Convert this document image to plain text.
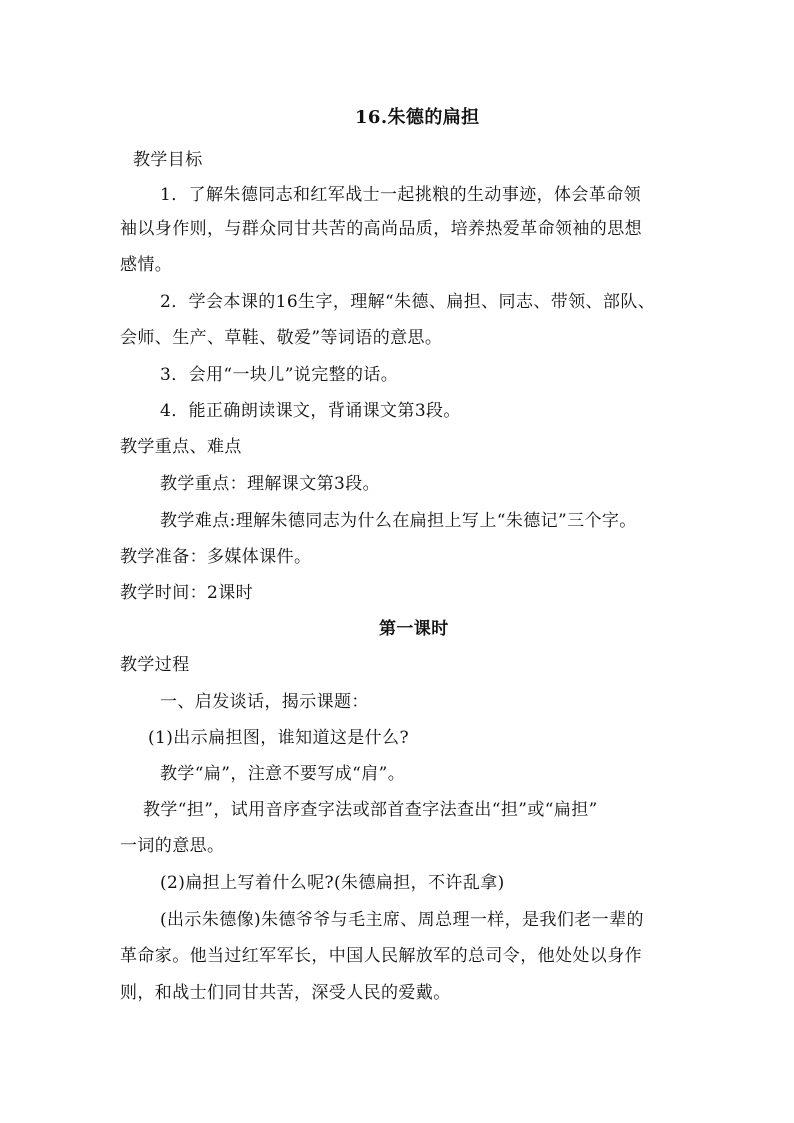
16.朱德的扁担
教学目标
1．了解朱德同志和红军战士一起挑粮的生动事迹，体会革命领
袖以身作则，与群众同甘共苦的高尚品质，培养热爱革命领袖的思想
感情。
2．学会本课的16生字，理解“朱德、扁担、同志、带领、部队、
会师、生产、草鞋、敬爱”等词语的意思。
3．会用“一块儿”说完整的话。
4．能正确朗读课文，背诵课文第3段。
教学重点、难点
教学重点：理解课文第3段。
教学难点:理解朱德同志为什么在扁担上写上“朱德记”三个字。
教学准备：多媒体课件。
教学时间：2课时
第一课时
教学过程
一、启发谈话，揭示课题：
(1)出示扁担图，谁知道这是什么?
教学“扁”，注意不要写成“肩”。
教学“担”，试用音序查字法或部首查字法查出“担”或“扁担”
一词的意思。
(2)扁担上写着什么呢?(朱德扁担，不许乱拿)
(出示朱德像)朱德爷爷与毛主席、周总理一样，是我们老一辈的
革命家。他当过红军军长，中国人民解放军的总司令，他处处以身作
则，和战士们同甘共苦，深受人民的爱戴。
